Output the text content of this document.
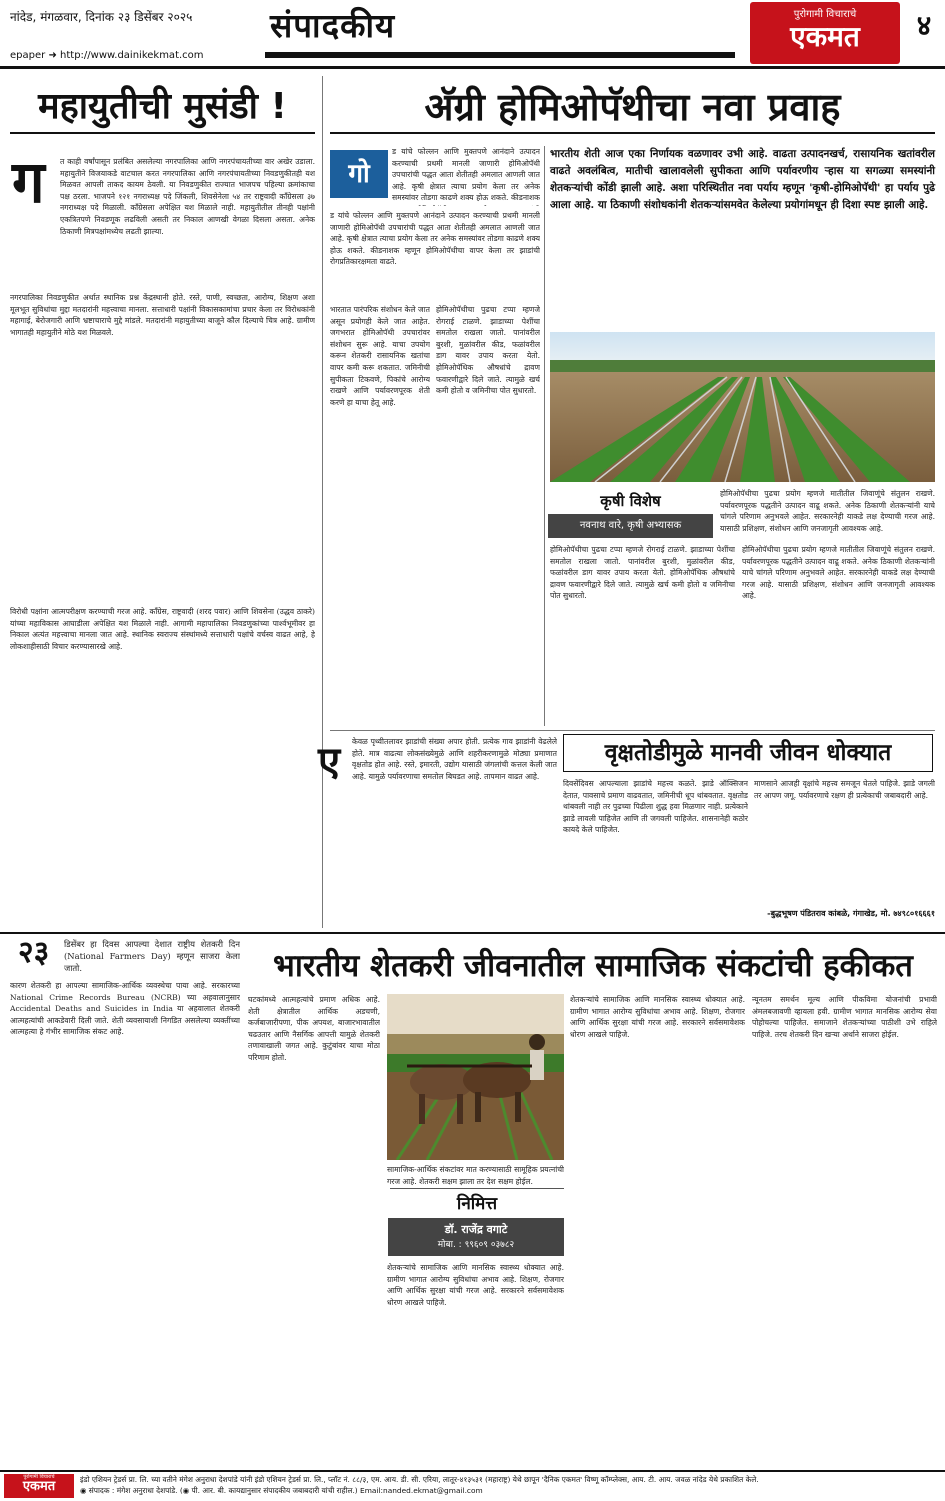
नांदेड, मंगळवार, दिनांक २३ डिसेंबर २०२५
epaper ➜ http://www.dainikekmat.com
संपादकीय	पुरोगामी विचाराचे
एकमत	४
महायुतीची मुसंडी !
ग त काही वर्षांपासून प्रलंबित असलेल्या नगरपालिका आणि नगरपंचायतीच्या वार अखेर उडाला. महायुतीने विजयाकडे वाटचाल करत नगरपालिका आणि नगरपंचायतीच्या निवडणुकीतही यश मिळवत आपली ताकद कायम ठेवली. या निवडणुकीत राज्यात भाजपच पहिल्या क्रमांकाचा पक्ष ठरला. भाजपने १२१ नगराध्यक्ष पदे जिंकली, शिवसेनेला ५४ तर राष्ट्रवादी काँग्रेसला ३७ नगराध्यक्ष पदे मिळाली. काँग्रेसला अपेक्षित यश मिळाले नाही. महायुतीतील तीनही पक्षांनी एकत्रितपणे निवडणूक लढविली असती तर निकाल आणखी वेगळा दिसला असता. अनेक ठिकाणी मित्रपक्षांमध्येच लढती झाल्या.
नगरपालिका निवडणुकीत अर्थात स्थानिक प्रश्न केंद्रस्थानी होते. रस्ते, पाणी, स्वच्छता, आरोग्य, शिक्षण अशा मूलभूत सुविधांचा मुद्दा मतदारांनी महत्त्वाचा मानला. सत्ताधारी पक्षांनी विकासकामांचा प्रचार केला तर विरोधकांनी महागाई, बेरोजगारी आणि भ्रष्टाचाराचे मुद्दे मांडले. मतदारांनी महायुतीच्या बाजूने कौल दिल्याचे चित्र आहे. ग्रामीण भागातही महायुतीने मोठे यश मिळवले.
विरोधी पक्षांना आत्मपरीक्षण करण्याची गरज आहे. काँग्रेस, राष्ट्रवादी (शरद पवार) आणि शिवसेना (उद्धव ठाकरे) यांच्या महाविकास आघाडीला अपेक्षित यश मिळाले नाही. आगामी महापालिका निवडणुकांच्या पार्श्वभूमीवर हा निकाल अत्यंत महत्त्वाचा मानला जात आहे. स्थानिक स्वराज्य संस्थांमध्ये सत्ताधारी पक्षांचे वर्चस्व वाढत आहे, हे लोकशाहीसाठी विचार करण्यासारखे आहे.
अ‍ॅग्री होमिओपॅथीचा नवा प्रवाह
गो
ड यांचे फोल्लन आणि मुक्तपणे आनंदाने उत्पादन करण्याची प्रथमी मानली जाणारी होमिओपॅथी उपचारांची पद्धत आता शेतीतही अमलात आणली जात आहे. कृषी क्षेत्रात त्याचा प्रयोग केला तर अनेक समस्यांवर तोडगा काढणे शक्य होऊ शकते. कीडनाशक
ड यांचे फोल्लन आणि मुक्तपणे आनंदाने उत्पादन करण्याची प्रथमी मानली जाणारी होमिओपॅथी उपचारांची पद्धत आता शेतीतही अमलात आणली जात आहे. कृषी क्षेत्रात त्याचा प्रयोग केला तर अनेक समस्यांवर तोडगा काढणे शक्य होऊ शकते. कीडनाशक म्हणून होमिओपॅथीचा वापर केला तर झाडांची रोगप्रतिकारक्षमता वाढते.
भारतात पारंपरिक संशोधन केले जात असून प्रयोगही केले जात आहेत. जगभरात होमिओपॅथी उपचारांवर संशोधन सुरू आहे. याचा उपयोग करून शेतकरी रासायनिक खतांचा वापर कमी करू शकतात. जमिनीची सुपीकता टिकवणे, पिकांचे आरोग्य राखणे आणि पर्यावरणपूरक शेती करणे हा याचा हेतू आहे.
होमिओपॅथीचा पुढचा टप्पा म्हणजे रोगराई टाळणे. झाडाच्या पेशींचा समतोल राखला जातो. पानांवरील बुरशी, मुळांवरील कीड, फळांवरील डाग यावर उपाय करता येतो. होमिओपॅथिक औषधांचे द्रावण फवारणीद्वारे दिले जाते. त्यामुळे खर्च कमी होतो व जमिनीचा पोत सुधारतो.
भारतीय शेती आज एका निर्णायक वळणावर उभी आहे. वाढता उत्पादनखर्च, रासायनिक खतांवरील वाढते अवलंबित्व, मातीची खालावलेली सुपीकता आणि पर्यावरणीय ऱ्हास या सगळ्या समस्यांनी शेतकऱ्यांची कोंडी झाली आहे. अशा परिस्थितीत नवा पर्याय म्हणून 'कृषी-होमिओपॅथी' हा पर्याय पुढे आला आहे. या ठिकाणी संशोधकांनी शेतकऱ्यांसमवेत केलेल्या प्रयोगांमधून ही दिशा स्पष्ट झाली आहे.
कृषी विशेष
नवनाथ वारे, कृषी अभ्यासक
होमिओपॅथीचा पुढचा प्रयोग म्हणजे मातीतील जिवाणूंचे संतुलन राखणे. पर्यावरणपूरक पद्धतीने उत्पादन वाढू शकते. अनेक ठिकाणी शेतकऱ्यांनी याचे चांगले परिणाम अनुभवले आहेत. सरकारनेही याकडे लक्ष देण्याची गरज आहे. यासाठी प्रशिक्षण, संशोधन आणि जनजागृती आवश्यक आहे.
होमिओपॅथीचा पुढचा टप्पा म्हणजे रोगराई टाळणे. झाडाच्या पेशींचा समतोल राखला जातो. पानांवरील बुरशी, मुळांवरील कीड, फळांवरील डाग यावर उपाय करता येतो. होमिओपॅथिक औषधांचे द्रावण फवारणीद्वारे दिले जाते. त्यामुळे खर्च कमी होतो व जमिनीचा पोत सुधारतो.
होमिओपॅथीचा पुढचा प्रयोग म्हणजे मातीतील जिवाणूंचे संतुलन राखणे. पर्यावरणपूरक पद्धतीने उत्पादन वाढू शकते. अनेक ठिकाणी शेतकऱ्यांनी याचे चांगले परिणाम अनुभवले आहेत. सरकारनेही याकडे लक्ष देण्याची गरज आहे. यासाठी प्रशिक्षण, संशोधन आणि जनजागृती आवश्यक आहे.
वृक्षतोडीमुळे मानवी जीवन धोक्यात
ए केवळ पृथ्वीतलावर झाडांची संख्या अपार होती. प्रत्येक गाव झाडांनी वेढलेले होते. मात्र वाढत्या लोकसंख्येमुळे आणि शहरीकरणामुळे मोठ्या प्रमाणात वृक्षतोड होत आहे. रस्ते, इमारती, उद्योग यासाठी जंगलांची कत्तल केली जात आहे. यामुळे पर्यावरणाचा समतोल बिघडत आहे. तापमान वाढत आहे.
दिवसेंदिवस आपल्याला झाडांचे महत्त्व कळते. झाडे ऑक्सिजन देतात, पावसाचे प्रमाण वाढवतात, जमिनीची धूप थांबवतात. वृक्षतोड थांबवली नाही तर पुढच्या पिढीला शुद्ध हवा मिळणार नाही. प्रत्येकाने झाडे लावली पाहिजेत आणि ती जगवली पाहिजेत. शासनानेही कठोर कायदे केले पाहिजेत.
माणसाने आजही वृक्षांचे महत्त्व समजून घेतले पाहिजे. झाडे जगली तर आपण जगू. पर्यावरणाचे रक्षण ही प्रत्येकाची जबाबदारी आहे.
-बुद्धभूषण पंडितराव कांबळे, गंगाखेड, मो. ७४९८०१६६६१
२३ डिसेंबर हा दिवस आपल्या देशात राष्ट्रीय शेतकरी दिन (National Farmers Day) म्हणून साजरा केला जातो.	भारतीय शेतकरी जीवनातील सामाजिक संकटांची हकीकत
कारण शेतकरी हा आपल्या सामाजिक-आर्थिक व्यवस्थेचा पाया आहे. सरकारच्या National Crime Records Bureau (NCRB) च्या अहवालानुसार Accidental Deaths and Suicides in India या अहवालात शेतकरी आत्महत्यांची आकडेवारी दिली जाते. शेती व्यवसायाशी निगडित असलेल्या व्यक्तींच्या आत्महत्या हे गंभीर सामाजिक संकट आहे.
घटकांमध्ये आत्महत्यांचे प्रमाण अधिक आहे. शेती क्षेत्रातील आर्थिक अडचणी, कर्जबाजारीपणा, पीक अपयश, बाजारभावातील चढउतार आणि नैसर्गिक आपत्ती यामुळे शेतकरी तणावाखाली जगत आहे. कुटुंबांवर याचा मोठा परिणाम होतो.
सामाजिक-आर्थिक संकटांवर मात करण्यासाठी सामूहिक प्रयत्नांची गरज आहे. शेतकरी सक्षम झाला तर देश सक्षम होईल.
निमित्त
डॉ. राजेंद्र वगाटे
मोबा. : ९९६०९ ०३७८२
शेतकऱ्यांचे सामाजिक आणि मानसिक स्वास्थ्य धोक्यात आहे. ग्रामीण भागात आरोग्य सुविधांचा अभाव आहे. शिक्षण, रोजगार आणि आर्थिक सुरक्षा यांची गरज आहे. सरकारने सर्वसमावेशक धोरण आखले पाहिजे.
शेतकऱ्यांचे सामाजिक आणि मानसिक स्वास्थ्य धोक्यात आहे. ग्रामीण भागात आरोग्य सुविधांचा अभाव आहे. शिक्षण, रोजगार आणि आर्थिक सुरक्षा यांची गरज आहे. सरकारने सर्वसमावेशक धोरण आखले पाहिजे.
न्यूनतम समर्थन मूल्य आणि पीकविमा योजनांची प्रभावी अंमलबजावणी व्हायला हवी. ग्रामीण भागात मानसिक आरोग्य सेवा पोहोचल्या पाहिजेत. समाजाने शेतकऱ्यांच्या पाठीशी उभे राहिले पाहिजे. तरच शेतकरी दिन खऱ्या अर्थाने साजरा होईल.
पुरोगामी विचाराचे
एकमत	इंडो एशियन ट्रेडर्स प्रा. लि. च्या वतीने मंगेश अनुराधा देशपांडे यांनी इंडो एशियन ट्रेडर्स प्रा. लि., प्लॉट नं. ८८/३, एम. आय. डी. सी. एरिया, लातूर-४१३५३१ (महाराष्ट्र) येथे छापून 'दैनिक एकमत' विष्णू कॉम्प्लेक्स, आय. टी. आय. जवळ नांदेड येथे प्रकाशित केले.
◉ संपादक : मंगेश अनुराधा देशपांडे. (◉ पी. आर. बी. कायद्यानुसार संपादकीय जबाबदारी यांची राहील.) Email:nanded.ekmat@gmail.com
